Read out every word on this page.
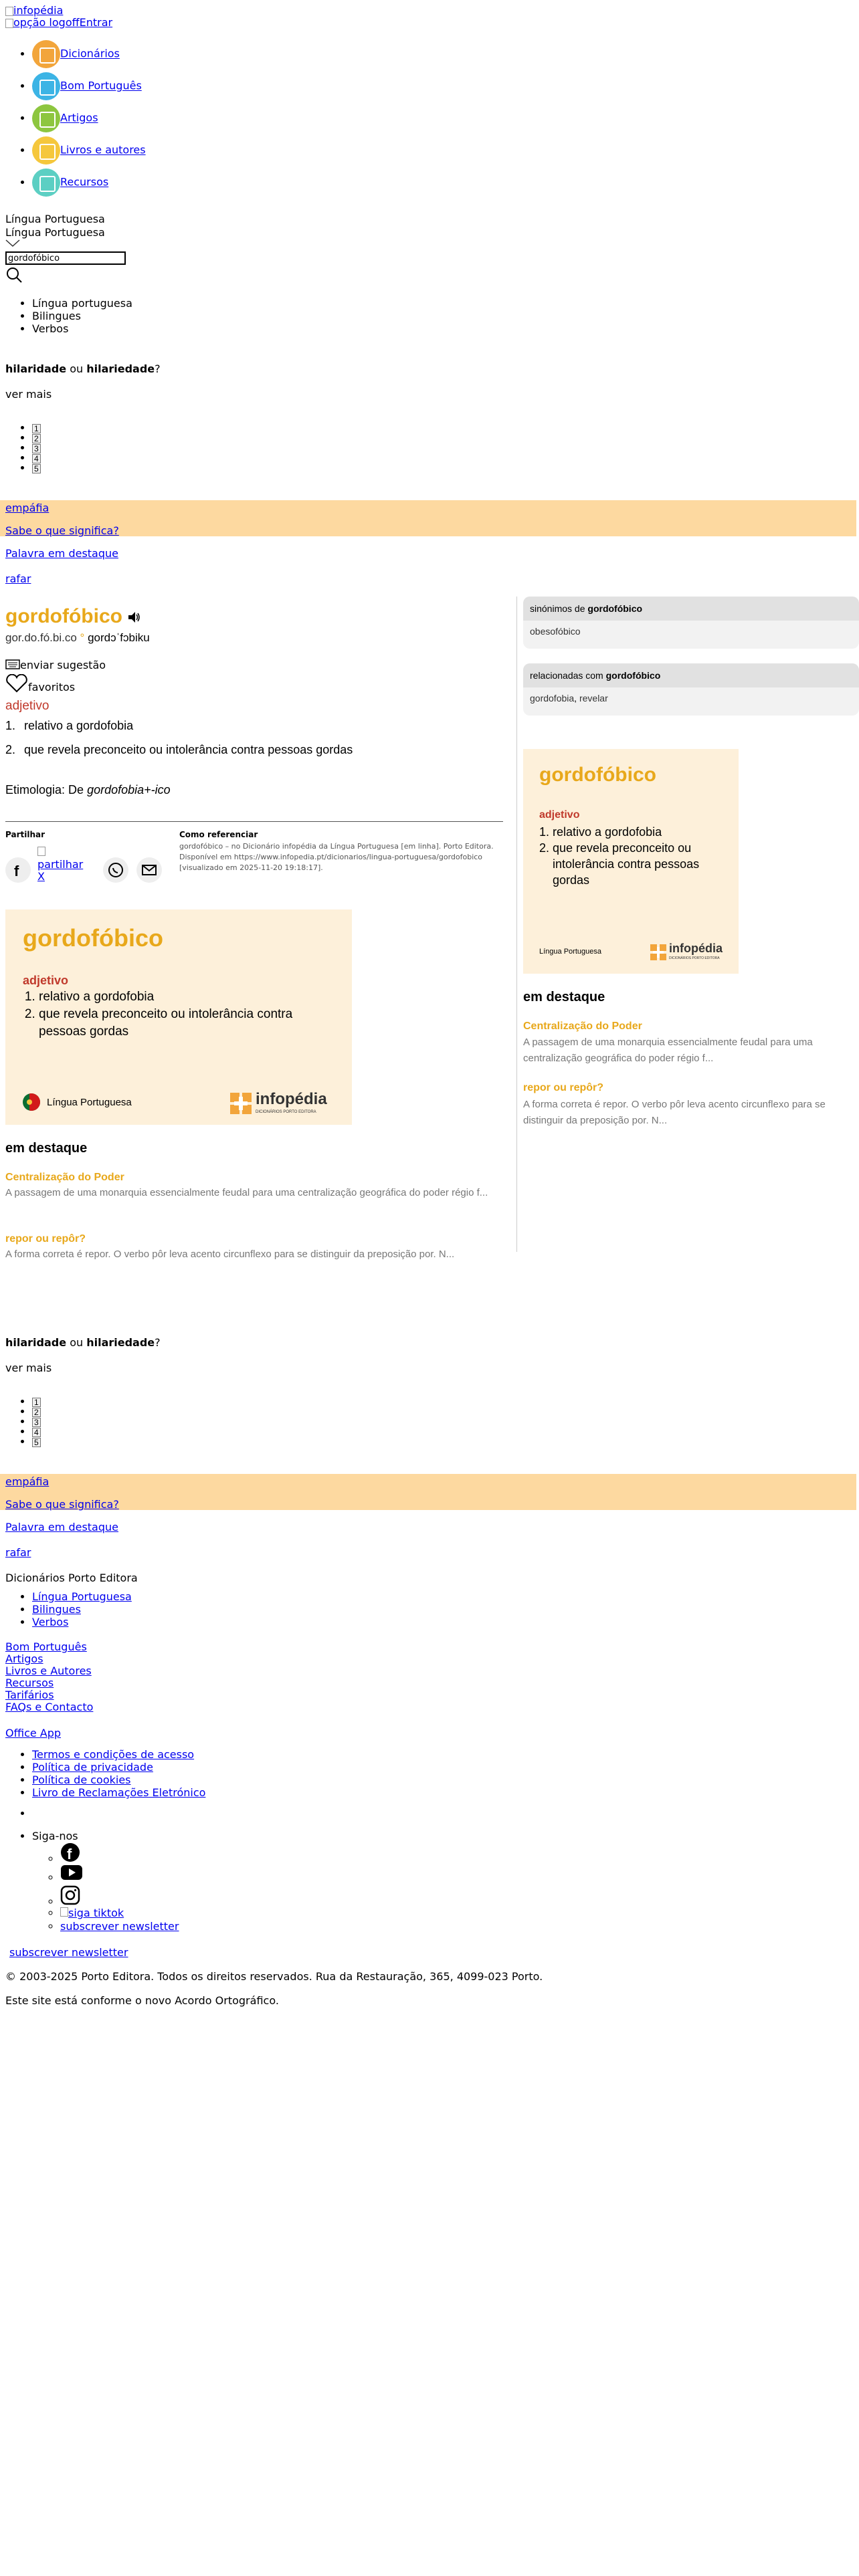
infopédia
opção logoffEntrar
• Dicionários
• Bom Português
• Artigos
• Livros e autores
• Recursos
Língua Portuguesa
Língua Portuguesa
gordofóbico
• Língua portuguesa
• Bilingues
• Verbos
hilaridade ou hilariedade?
ver mais
• 1
• 2
• 3
• 4
• 5
empáfia
Sabe o que significa?
Palavra em destaque
rafar
gordofóbico
gor.do.fó.bi.co ° gordɔˈfɔbiku
enviar sugestão
favoritos
adjetivo
1. relativo a gordofobia
2. que revela preconceito ou intolerância contra pessoas gordas
Etimologia: De gordofobia+-ico
Partilhar
f partilhar X
Como referenciar
gordofóbico – no Dicionário infopédia da Língua Portuguesa [em linha]. Porto Editora. Disponível em https://www.infopedia.pt/dicionarios/lingua-portuguesa/gordofobico [visualizado em 2025-11-20 19:18:17].
gordofóbico
adjetivo
1. relativo a gordofobia
2. que revela preconceito ou intolerância contra pessoas gordas
Língua Portuguesa	infopédia
DICIONÁRIOS PORTO EDITORA
em destaque
Centralização do Poder
A passagem de uma monarquia essencialmente feudal para uma centralização geográfica do poder régio f...
repor ou repôr?
A forma correta é repor. O verbo pôr leva acento circunflexo para se distinguir da preposição por. N...
sinónimos de gordofóbico
obesofóbico
relacionadas com gordofóbico
gordofobia, revelar
gordofóbico
adjetivo
1. relativo a gordofobia
2. que revela preconceito ou intolerância contra pessoas gordas
Língua Portuguesa	infopédia
DICIONÁRIOS PORTO EDITORA
em destaque
Centralização do Poder
A passagem de uma monarquia essencialmente feudal para uma centralização geográfica do poder régio f...
repor ou repôr?
A forma correta é repor. O verbo pôr leva acento circunflexo para se distinguir da preposição por. N...
hilaridade ou hilariedade?
ver mais
• 1
• 2
• 3
• 4
• 5
empáfia
Sabe o que significa?
Palavra em destaque
rafar
Dicionários Porto Editora
• Língua Portuguesa
• Bilingues
• Verbos
Bom Português
Artigos
Livros e Autores
Recursos
Tarifários
FAQs e Contacto
Office App
• Termos e condições de acesso
• Política de privacidade
• Política de cookies
• Livro de Reclamações Eletrónico
• Siga-nos
◦ f
◦
◦
◦ siga tiktok
◦ subscrever newsletter
subscrever newsletter
© 2003-2025 Porto Editora. Todos os direitos reservados. Rua da Restauração, 365, 4099-023 Porto.
Este site está conforme o novo Acordo Ortográfico.
